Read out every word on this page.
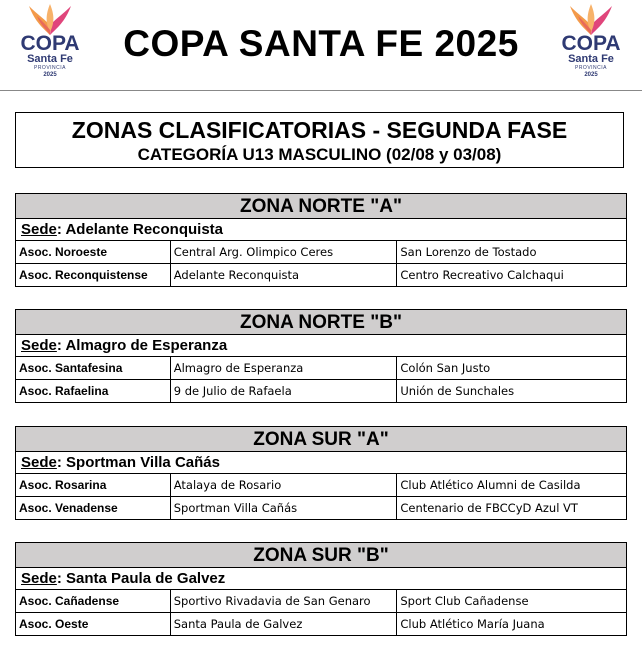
COPA
Santa Fe
PROVINCIA
2025
COPA SANTA FE 2025	COPA
Santa Fe
PROVINCIA
2025
ZONAS CLASIFICATORIAS - SEGUNDA FASE
CATEGORÍA U13 MASCULINO (02/08 y 03/08)
ZONA NORTE "A"
Sede: Adelante Reconquista
Asoc. Noroeste	Central Arg. Olimpico Ceres	San Lorenzo de Tostado
Asoc. Reconquistense	Adelante Reconquista	Centro Recreativo Calchaqui
ZONA NORTE "B"
Sede: Almagro de Esperanza
Asoc. Santafesina	Almagro de Esperanza	Colón San Justo
Asoc. Rafaelina	9 de Julio de Rafaela	Unión de Sunchales
ZONA SUR "A"
Sede: Sportman Villa Cañás
Asoc. Rosarina	Atalaya de Rosario	Club Atlético Alumni de Casilda
Asoc. Venadense	Sportman Villa Cañás	Centenario de FBCCyD Azul VT
ZONA SUR "B"
Sede: Santa Paula de Galvez
Asoc. Cañadense	Sportivo Rivadavia de San Genaro	Sport Club Cañadense
Asoc. Oeste	Santa Paula de Galvez	Club Atlético María Juana
